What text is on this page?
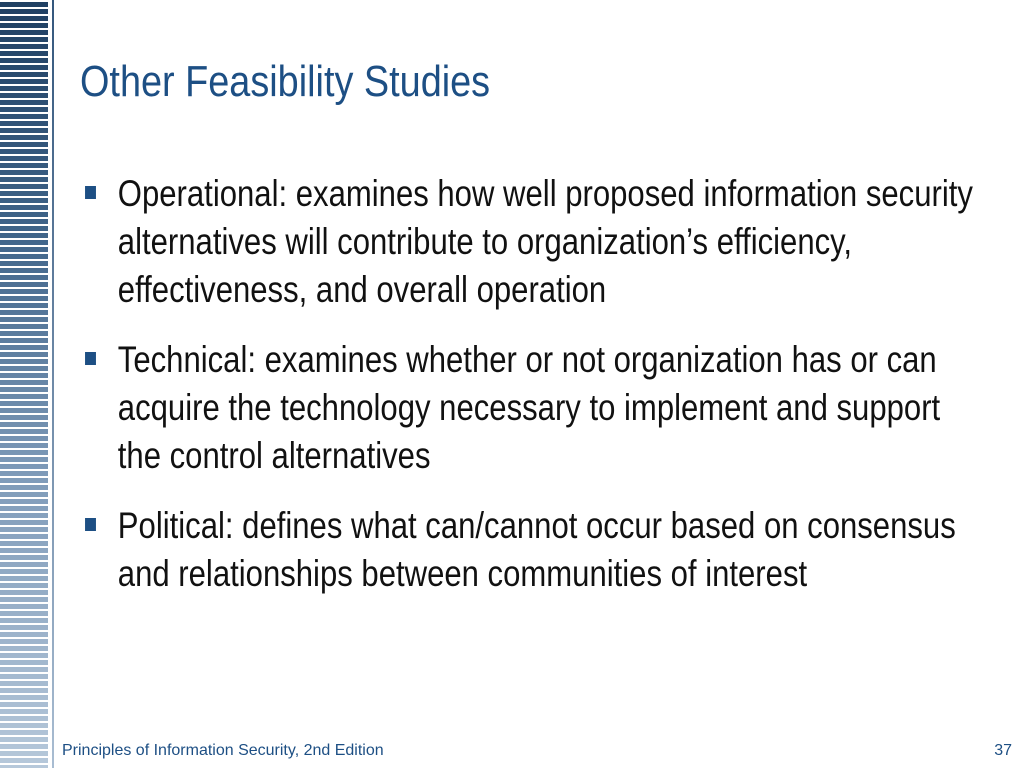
Other Feasibility Studies
Operational: examines how well proposed information security alternatives will contribute to organization’s efficiency, effectiveness, and overall operation
Technical: examines whether or not organization has or can acquire the technology necessary to implement and support the control alternatives
Political: defines what can/cannot occur based on consensus and relationships between communities of interest
Principles of Information Security, 2nd Edition	37
